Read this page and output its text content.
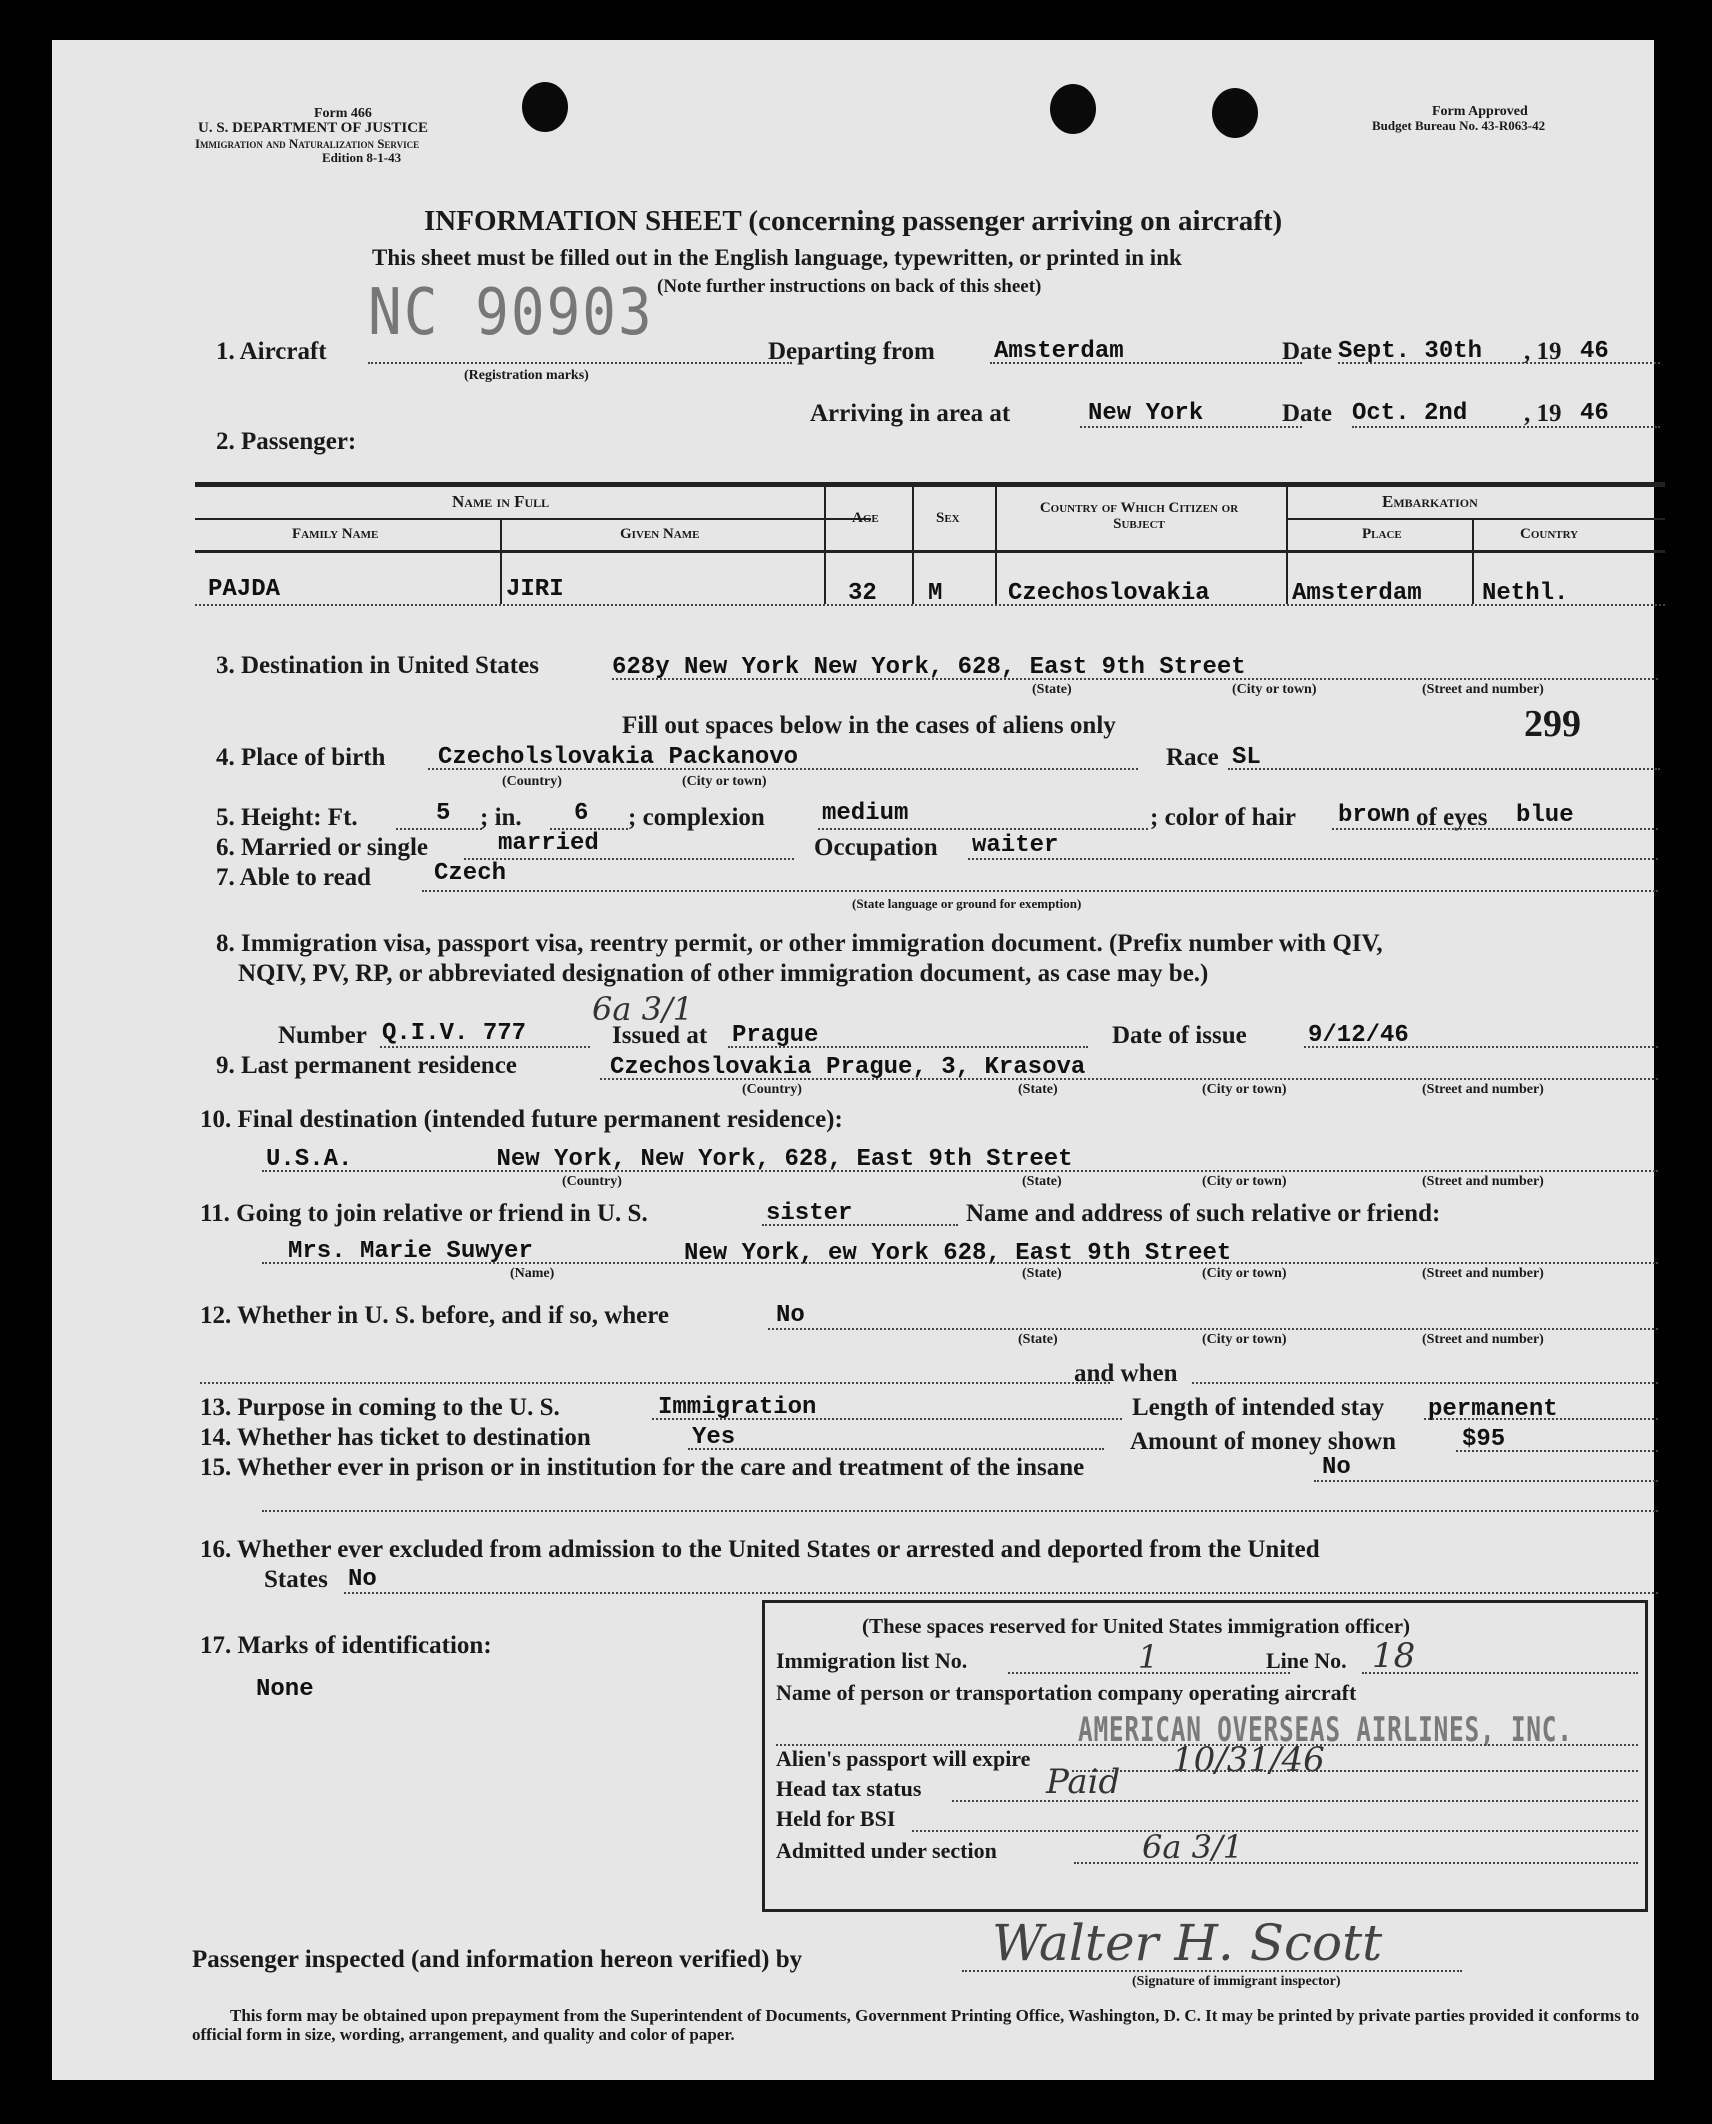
Form 466
U. S. DEPARTMENT OF JUSTICE
Immigration and Naturalization Service
Edition 8-1-43
Form Approved
Budget Bureau No. 43-R063-42
INFORMATION SHEET (concerning passenger arriving on aircraft)
This sheet must be filled out in the English language, typewritten, or printed in ink
(Note further instructions on back of this sheet)
NC 90903
1. Aircraft
(Registration marks)
Departing from Amsterdam	Date Sept. 30th , 19 46
Arriving in area at	New York	Date Oct. 2nd , 19 46
2. Passenger:
Name in Full
Family Name	Given Name
Age	Sex
Country of Which Citizen or Subject
Embarkation
Place	Country
PAJDA	JIRI	32 M	Czechoslovakia	Amsterdam	Nethl.
3. Destination in United States	628y New York New York, 628, East 9th Street
(State)	(City or town)	(Street and number)
Fill out spaces below in the cases of aliens only	299
4. Place of birth Czecholslovakia Packanovo
(Country)	(City or town)
Race SL
5. Height: Ft.	5 ; in. 6 ; complexion medium	; color of hair brown of eyes blue
6. Married or single	married	Occupation waiter
7. Able to read	Czech
(State language or ground for exemption)
8. Immigration visa, passport visa, reentry permit, or other immigration document. (Prefix number with QIV,
NQIV, PV, RP, or abbreviated designation of other immigration document, as case may be.)
6a 3/1
Number Q.I.V. 777	Issued at Prague	Date of issue	9/12/46
9. Last permanent residence	Czechoslovakia Prague, 3, Krasova
(Country)	(State)	(City or town)	(Street and number)
10. Final destination (intended future permanent residence):
U.S.A.          New York, New York, 628, East 9th Street
(Country)	(State)	(City or town)	(Street and number)
11. Going to join relative or friend in U. S.	sister	Name and address of such relative or friend:
Mrs. Marie Suwyer	New York, ew York 628, East 9th Street
(Name)	(State)	(City or town)	(Street and number)
12. Whether in U. S. before, and if so, where	No
(State)	(City or town)	(Street and number)
and when
13. Purpose in coming to the U. S.	Immigration	Length of intended stay permanent
14. Whether has ticket to destination	Yes	Amount of money shown	$95
15. Whether ever in prison or in institution for the care and treatment of the insane	No
16. Whether ever excluded from admission to the United States or arrested and deported from the United
States No
17. Marks of identification:
None
(These spaces reserved for United States immigration officer)
Immigration list No.	1	Line No. 18
Name of person or transportation company operating aircraft
AMERICAN OVERSEAS AIRLINES, INC.
Alien's passport will expire	10/31/46
Head tax status	Paid
Held for BSI
Admitted under section	6a 3/1
Passenger inspected (and information hereon verified) by	Walter H. Scott
(Signature of immigrant inspector)
This form may be obtained upon prepayment from the Superintendent of Documents, Government Printing Office, Washington, D. C. It may be printed by private parties provided it conforms to official form in size, wording, arrangement, and quality and color of paper.
